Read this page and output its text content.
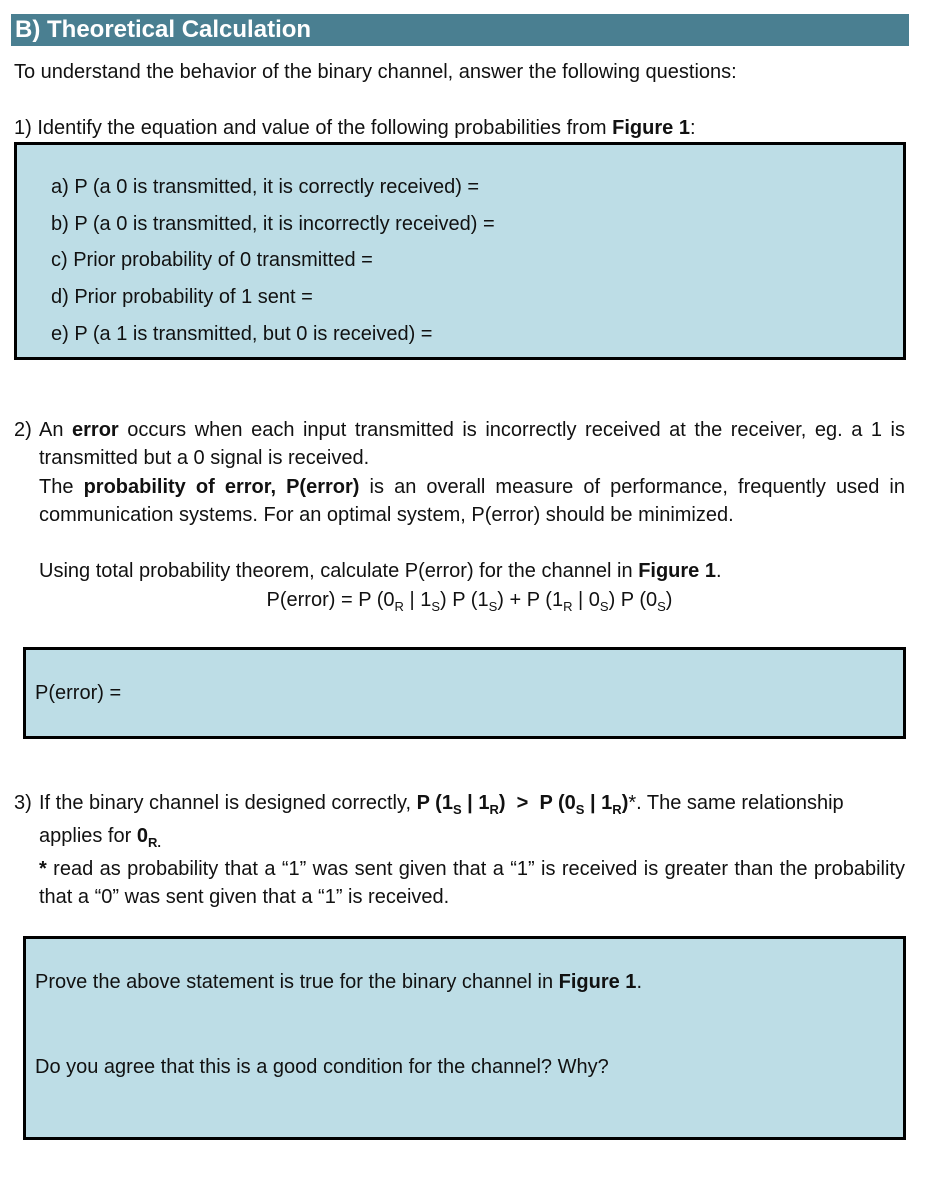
B) Theoretical Calculation
To understand the behavior of the binary channel, answer the following questions:
1) Identify the equation and value of the following probabilities from Figure 1:
a) P (a 0 is transmitted, it is correctly received) =
b) P (a 0 is transmitted, it is incorrectly received) =
c) Prior probability of 0 transmitted =
d) Prior probability of 1 sent =
e) P (a 1 is transmitted, but 0 is received) =
2) An error occurs when each input transmitted is incorrectly received at the receiver, eg. a 1 is transmitted but a 0 signal is received.
The probability of error, P(error) is an overall measure of performance, frequently used in communication systems. For an optimal system, P(error) should be minimized.
Using total probability theorem, calculate P(error) for the channel in Figure 1.
P(error) = P ($0_R$ | $1_S$) P $(1_S) + P$ ($1_R$ | $0_S$) P $(0_S)$
P(error) =
3) If the binary channel is designed correctly, P ($1_S$ | $1_R) > P$ ($0_S$ | $1_R)*$. The same relationship
applies for $0_{R.}$
* read as probability that a “1” was sent given that a “1” is received is greater than the probability that a “0” was sent given that a “1” is received.
Prove the above statement is true for the binary channel in Figure 1.
Do you agree that this is a good condition for the channel? Why?
